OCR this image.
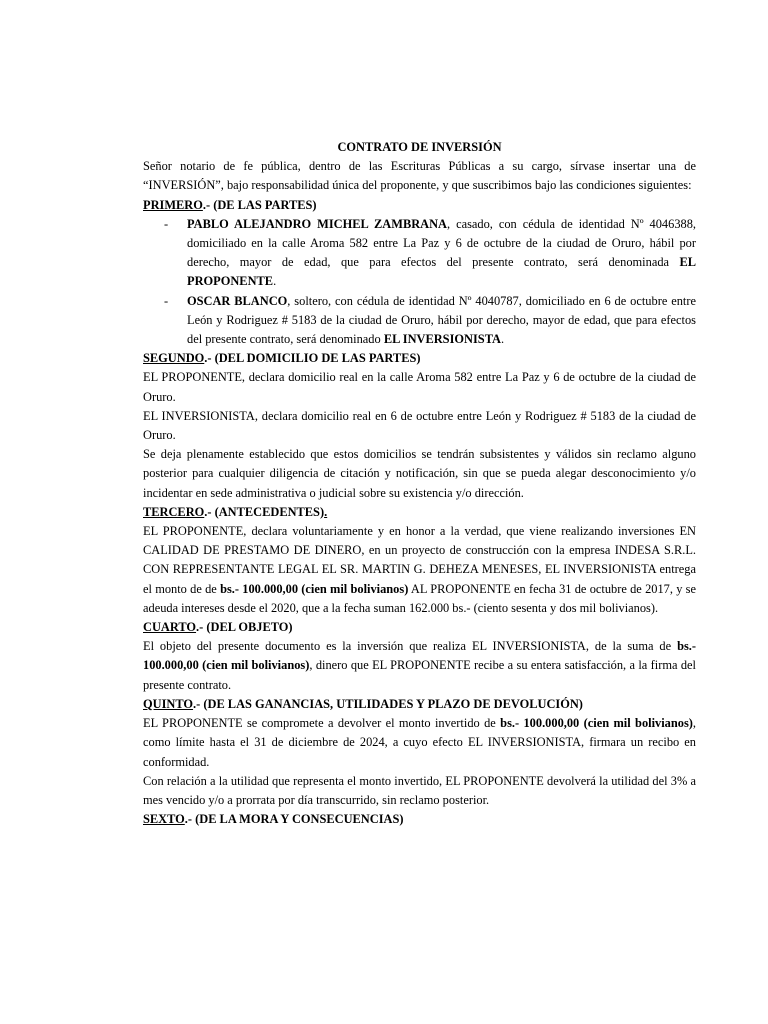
CONTRATO DE INVERSIÓN

Señor notario de fe pública, dentro de las Escrituras Públicas a su cargo, sírvase insertar una de “INVERSIÓN”, bajo responsabilidad única del proponente, y que suscribimos bajo las condiciones siguientes:

PRIMERO.- (DE LAS PARTES)

- PABLO ALEJANDRO MICHEL ZAMBRANA, casado, con cédula de identidad Nº 4046388, domiciliado en la calle Aroma 582 entre La Paz y 6 de octubre de la ciudad de Oruro, hábil por derecho, mayor de edad, que para efectos del presente contrato, será denominada EL PROPONENTE.
- OSCAR BLANCO, soltero, con cédula de identidad Nº 4040787, domiciliado en 6 de octubre entre León y Rodriguez # 5183 de la ciudad de Oruro, hábil por derecho, mayor de edad, que para efectos del presente contrato, será denominado EL INVERSIONISTA.

SEGUNDO.- (DEL DOMICILIO DE LAS PARTES)

EL PROPONENTE, declara domicilio real en la calle Aroma 582 entre La Paz y 6 de octubre de la ciudad de Oruro.

EL INVERSIONISTA, declara domicilio real en 6 de octubre entre León y Rodriguez # 5183 de la ciudad de Oruro.

Se deja plenamente establecido que estos domicilios se tendrán subsistentes y válidos sin reclamo alguno posterior para cualquier diligencia de citación y notificación, sin que se pueda alegar desconocimiento y/o incidentar en sede administrativa o judicial sobre su existencia y/o dirección.

TERCERO.- (ANTECEDENTES).

EL PROPONENTE, declara voluntariamente y en honor a la verdad, que viene realizando inversiones EN CALIDAD DE PRESTAMO DE DINERO, en un proyecto de construcción con la empresa INDESA S.R.L. CON REPRESENTANTE LEGAL EL SR. MARTIN G. DEHEZA MENESES, EL INVERSIONISTA entrega el monto de de bs.- 100.000,00 (cien mil bolivianos) AL PROPONENTE en fecha 31 de octubre de 2017, y se adeuda intereses desde el 2020, que a la fecha suman 162.000 bs.- (ciento sesenta y dos mil bolivianos).

CUARTO.- (DEL OBJETO)

El objeto del presente documento es la inversión que realiza EL INVERSIONISTA, de la suma de bs.- 100.000,00 (cien mil bolivianos), dinero que EL PROPONENTE recibe a su entera satisfacción, a la firma del presente contrato.

QUINTO.- (DE LAS GANANCIAS, UTILIDADES Y PLAZO DE DEVOLUCIÓN)

EL PROPONENTE se compromete a devolver el monto invertido de bs.- 100.000,00 (cien mil bolivianos), como límite hasta el 31 de diciembre de 2024, a cuyo efecto EL INVERSIONISTA, firmara un recibo en conformidad.

Con relación a la utilidad que representa el monto invertido, EL PROPONENTE devolverá la utilidad del 3% a mes vencido y/o a prorrata por día transcurrido, sin reclamo posterior.

SEXTO.- (DE LA MORA Y CONSECUENCIAS)
